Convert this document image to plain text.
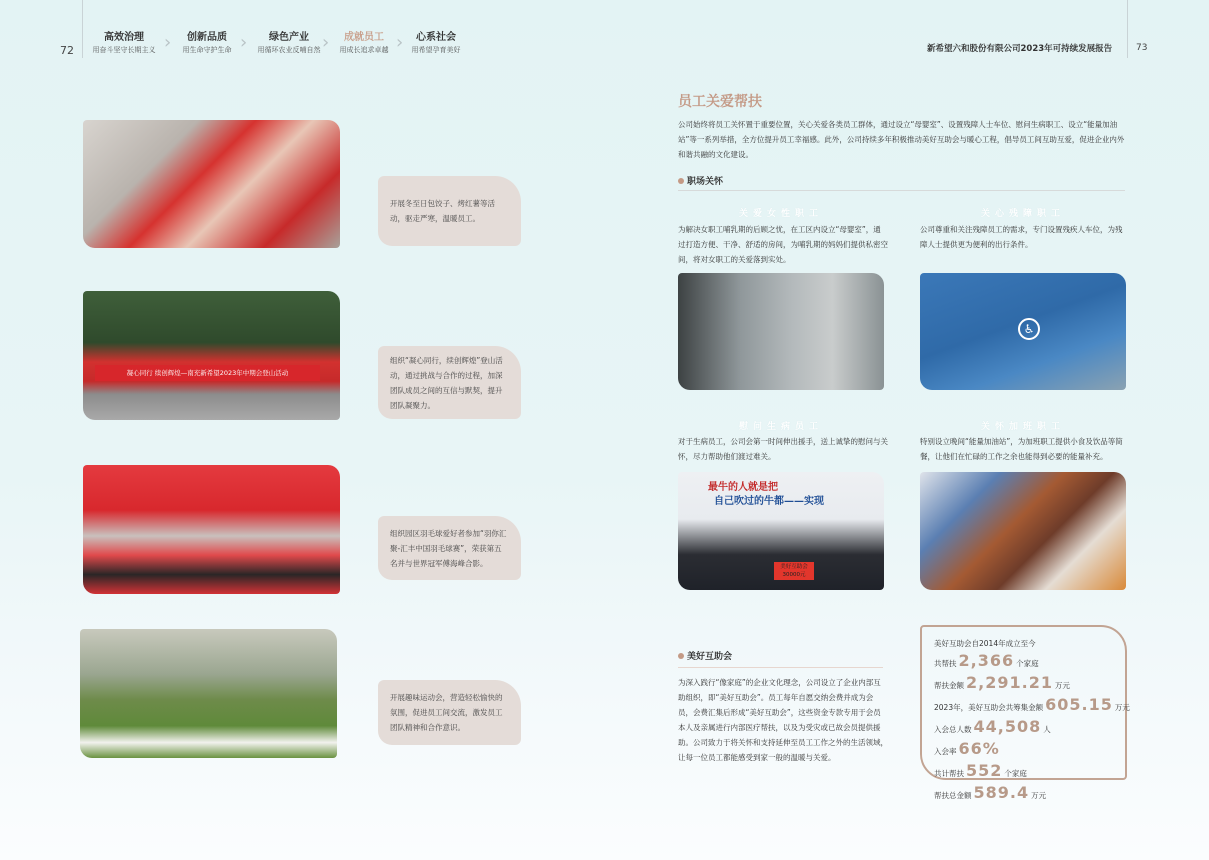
72
高效治理
用奋斗坚守长期主义 ›	创新品质
用生命守护生命 ›	绿色产业
用循环农业反哺自然 ›	成就员工
用成长追求卓越 ›	心系社会
用希望孕育美好	新希望六和股份有限公司2023年可持续发展报告	73
开展冬至日包饺子、烤红薯等活动，驱走严寒，温暖员工。
凝心同行 续创辉煌—南充新希望2023年中期会登山活动
组织“凝心同行，续创辉煌”登山活动，通过挑战与合作的过程，加深团队成员之间的互信与默契，提升团队凝聚力。
组织园区羽毛球爱好者参加“羽你汇聚-汇丰中国羽毛球赛”，荣获第五名并与世界冠军傅海峰合影。
开展趣味运动会，营造轻松愉快的氛围，促进员工间交流，激发员工团队精神和合作意识。
员工关爱帮扶
公司始终将员工关怀置于重要位置，关心关爱各类员工群体，通过设立“母婴室”、设置残障人士车位、慰问生病职工、设立“能量加油站”等一系列举措，全方位提升员工幸福感。此外，公司持续多年积极推动美好互助会与暖心工程，倡导员工间互助互爱，促进企业内外和谐共融的文化建设。
职场关怀
关爱女性职工
为解决女职工哺乳期的后顾之忧，在工区内设立“母婴室”，通过打造方便、干净、舒适的房间，为哺乳期的妈妈们提供私密空间，将对女职工的关爱落到实处。
关心残障职工
公司尊重和关注残障员工的需求，专门设置残疾人车位，为残障人士提供更为便利的出行条件。
♿
慰问生病员工
对于生病员工，公司会第一时间伸出援手，送上诚挚的慰问与关怀，尽力帮助他们渡过难关。
关怀加班职工
特别设立晚间“能量加油站”，为加班职工提供小食及饮品等简餐，让他们在忙碌的工作之余也能得到必要的能量补充。
最牛的人就是把
自己吹过的牛都——实现
美好互助会 30000元
美好互助会
为深入践行“像家庭”的企业文化理念，公司设立了企业内部互助组织，即“美好互助会”。员工每年自愿交纳会费并成为会员，会费汇集后形成“美好互助会”，这些资金专款专用于会员本人及亲属进行内部医疗帮扶，以及为受灾或已故会员提供援助。公司致力于将关怀和支持延伸至员工工作之外的生活领域，让每一位员工都能感受到家一般的温暖与关爱。
美好互助会自2014年成立至今
共帮扶 2,366 个家庭
帮扶金额 2,291.21 万元
2023年，美好互助会共筹集金额 605.15 万元
入会总人数 44,508 人
入会率 66%
共计帮扶 552 个家庭
帮扶总金额 589.4 万元
